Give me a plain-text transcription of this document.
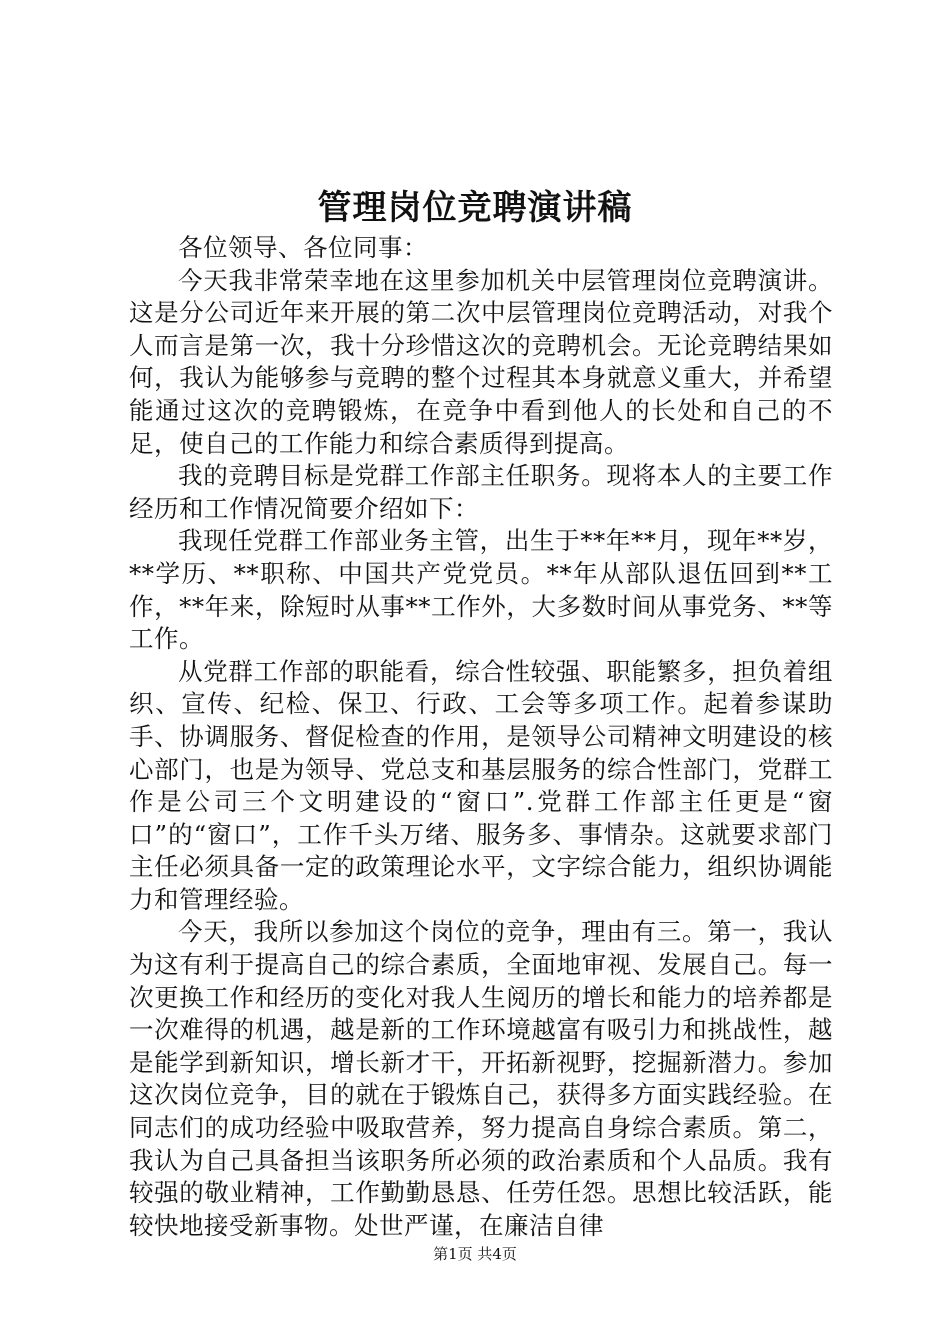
管理岗位竞聘演讲稿

各位领导、各位同事：

今天我非常荣幸地在这里参加机关中层管理岗位竞聘演讲。这是分公司近年来开展的第二次中层管理岗位竞聘活动，对我个人而言是第一次，我十分珍惜这次的竞聘机会。无论竞聘结果如何，我认为能够参与竞聘的整个过程其本身就意义重大，并希望能通过这次的竞聘锻炼，在竞争中看到他人的长处和自己的不足，使自己的工作能力和综合素质得到提高。

我的竞聘目标是党群工作部主任职务。现将本人的主要工作经历和工作情况简要介绍如下：

我现任党群工作部业务主管，出生于**年**月，现年**岁，**学历、**职称、中国共产党党员。**年从部队退伍回到**工作，**年来，除短时从事**工作外，大多数时间从事党务、**等工作。

从党群工作部的职能看，综合性较强、职能繁多，担负着组织、宣传、纪检、保卫、行政、工会等多项工作。起着参谋助手、协调服务、督促检查的作用，是领导公司精神文明建设的核心部门，也是为领导、党总支和基层服务的综合性部门，党群工作是公司三个文明建设的“窗口”.党群工作部主任更是“窗口”的“窗口”，工作千头万绪、服务多、事情杂。这就要求部门主任必须具备一定的政策理论水平，文字综合能力，组织协调能力和管理经验。

今天，我所以参加这个岗位的竞争，理由有三。第一，我认为这有利于提高自己的综合素质，全面地审视、发展自己。每一次更换工作和经历的变化对我人生阅历的增长和能力的培养都是一次难得的机遇，越是新的工作环境越富有吸引力和挑战性，越是能学到新知识，增长新才干，开拓新视野，挖掘新潜力。参加这次岗位竞争，目的就在于锻炼自己，获得多方面实践经验。在同志们的成功经验中吸取营养，努力提高自身综合素质。第二，我认为自己具备担当该职务所必须的政治素质和个人品质。我有较强的敬业精神，工作勤勤恳恳、任劳任怨。思想比较活跃，能较快地接受新事物。处世严谨，在廉洁自律

第1页 共4页
